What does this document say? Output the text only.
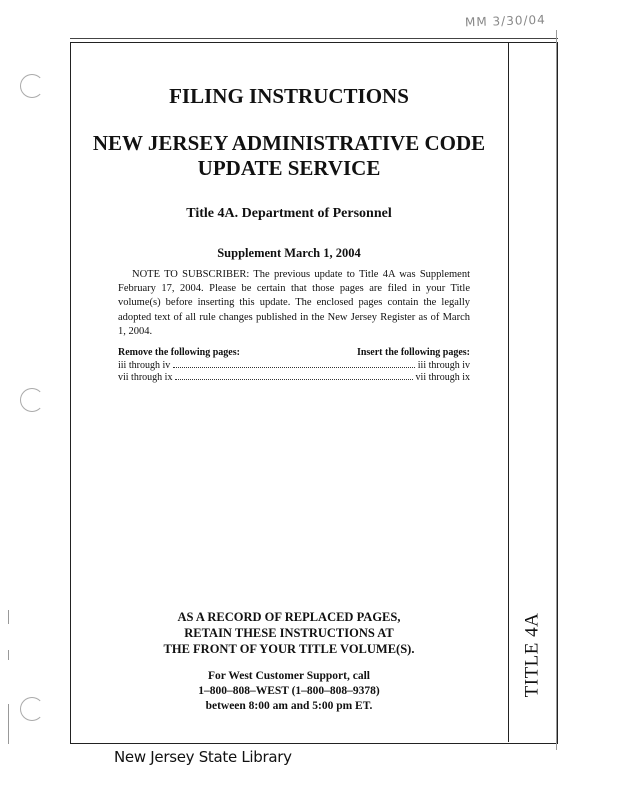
MM 3/30/04
FILING INSTRUCTIONS
NEW JERSEY ADMINISTRATIVE CODE
UPDATE SERVICE
Title 4A. Department of Personnel
Supplement March 1, 2004
NOTE TO SUBSCRIBER: The previous update to Title 4A was Supplement February 17, 2004. Please be certain that those pages are filed in your Title volume(s) before inserting this update. The enclosed pages contain the legally adopted text of all rule changes published in the New Jersey Register as of March 1, 2004.
Remove the following pages:	Insert the following pages:
iii through iv	iii through iv
vii through ix	vii through ix
AS A RECORD OF REPLACED PAGES,
RETAIN THESE INSTRUCTIONS AT
THE FRONT OF YOUR TITLE VOLUME(S).
For West Customer Support, call
1–800–808–WEST (1–800–808–9378)
between 8:00 am and 5:00 pm ET.
TITLE 4A
New Jersey State Library
